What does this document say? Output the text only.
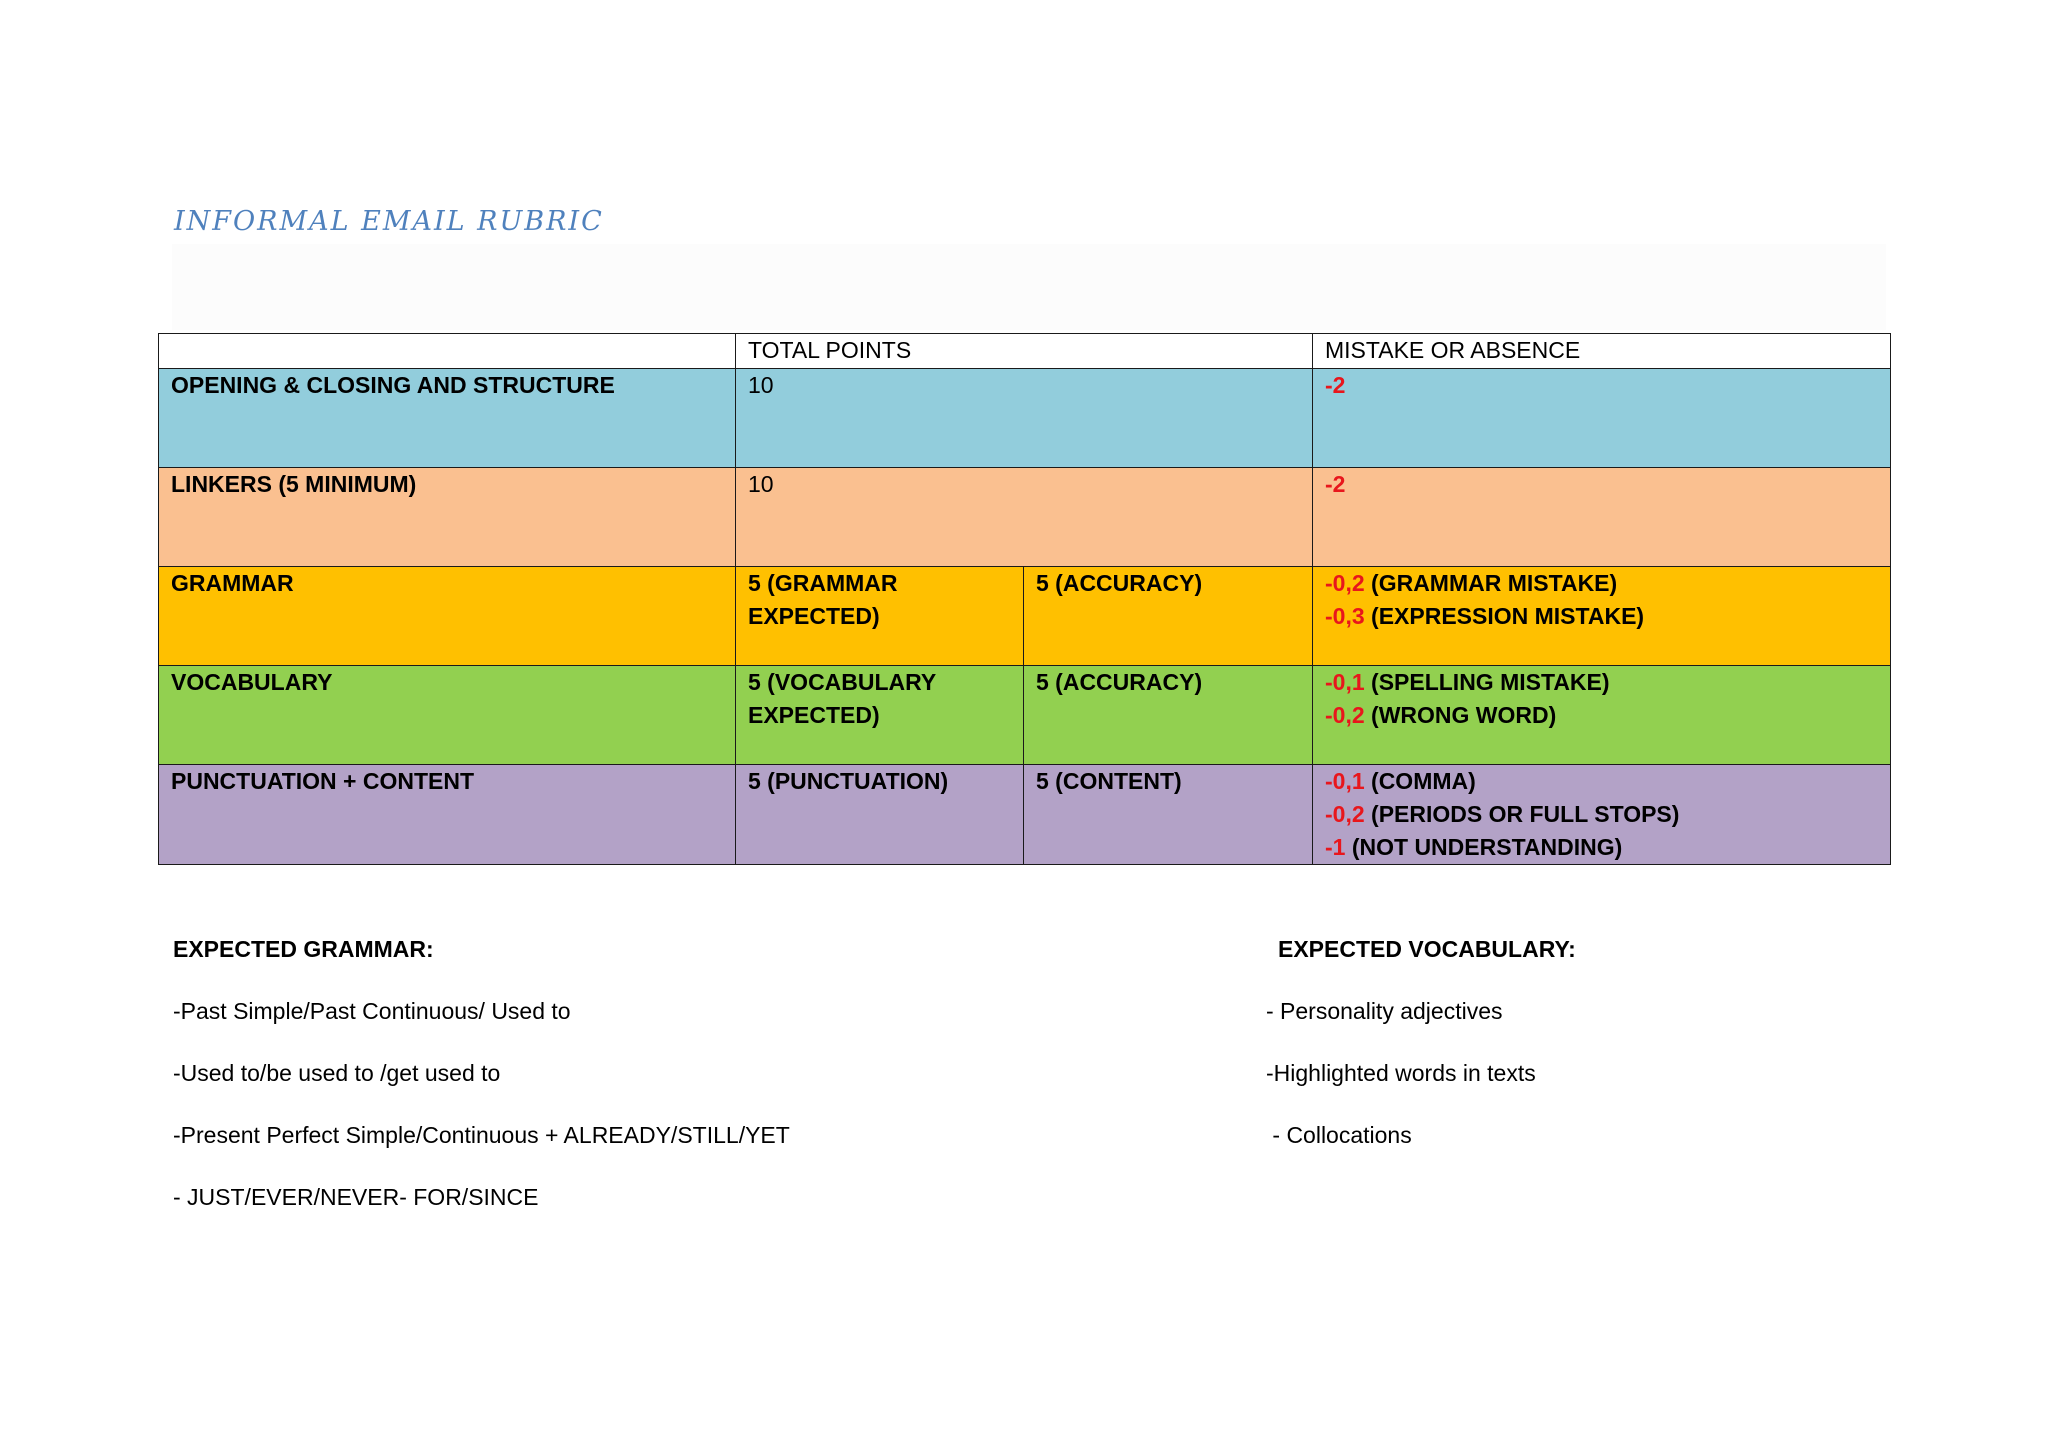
INFORMAL EMAIL RUBRIC
	TOTAL POINTS		MISTAKE OR ABSENCE
OPENING & CLOSING AND STRUCTURE	10		-2

LINKERS (5 MINIMUM)	10		-2

GRAMMAR	5 (GRAMMAR EXPECTED)	5 (ACCURACY)	-0,2 (GRAMMAR MISTAKE)
-0,3 (EXPRESSION MISTAKE)

VOCABULARY	5 (VOCABULARY EXPECTED)	5 (ACCURACY)	-0,1 (SPELLING MISTAKE)
-0,2 (WRONG WORD)

PUNCTUATION + CONTENT	5 (PUNCTUATION)	5 (CONTENT)	-0,1 (COMMA)
-0,2 (PERIODS OR FULL STOPS)
-1 (NOT UNDERSTANDING)
EXPECTED GRAMMAR:
-Past Simple/Past Continuous/ Used to
-Used to/be used to /get used to
-Present Perfect Simple/Continuous + ALREADY/STILL/YET
- JUST/EVER/NEVER- FOR/SINCE
EXPECTED VOCABULARY:
- Personality adjectives
-Highlighted words in texts
- Collocations
